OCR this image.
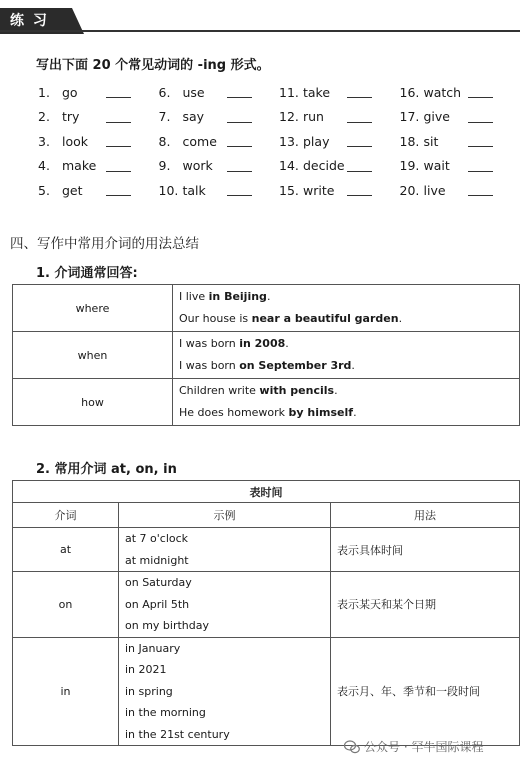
练 习
写出下面 20 个常见动词的 -ing 形式。
1. go	6. use	11. take	16. watch
2. try	7. say	12. run	17. give
3. look	8. come	13. play	18. sit
4. make	9. work	14. decide	19. wait
5. get	10. talk	15. write	20. live
四、写作中常用介词的用法总结
1. 介词通常回答:
where	I live in Beijing.
Our house is near a beautiful garden.

when	I was born in 2008.
I was born on September 3rd.

how	Children write with pencils.
He does homework by himself.
2. 常用介词 at, on, in
表时间		
介词	示例	用法
at	at 7 o'clock
at midnight	表示具体时间
on	on Saturday
on April 5th
on my birthday	表示某天和某个日期
in	in January
in 2021
in spring
in the morning
in the 21st century	表示月、年、季节和一段时间
公众号 · 罕牛国际课程
